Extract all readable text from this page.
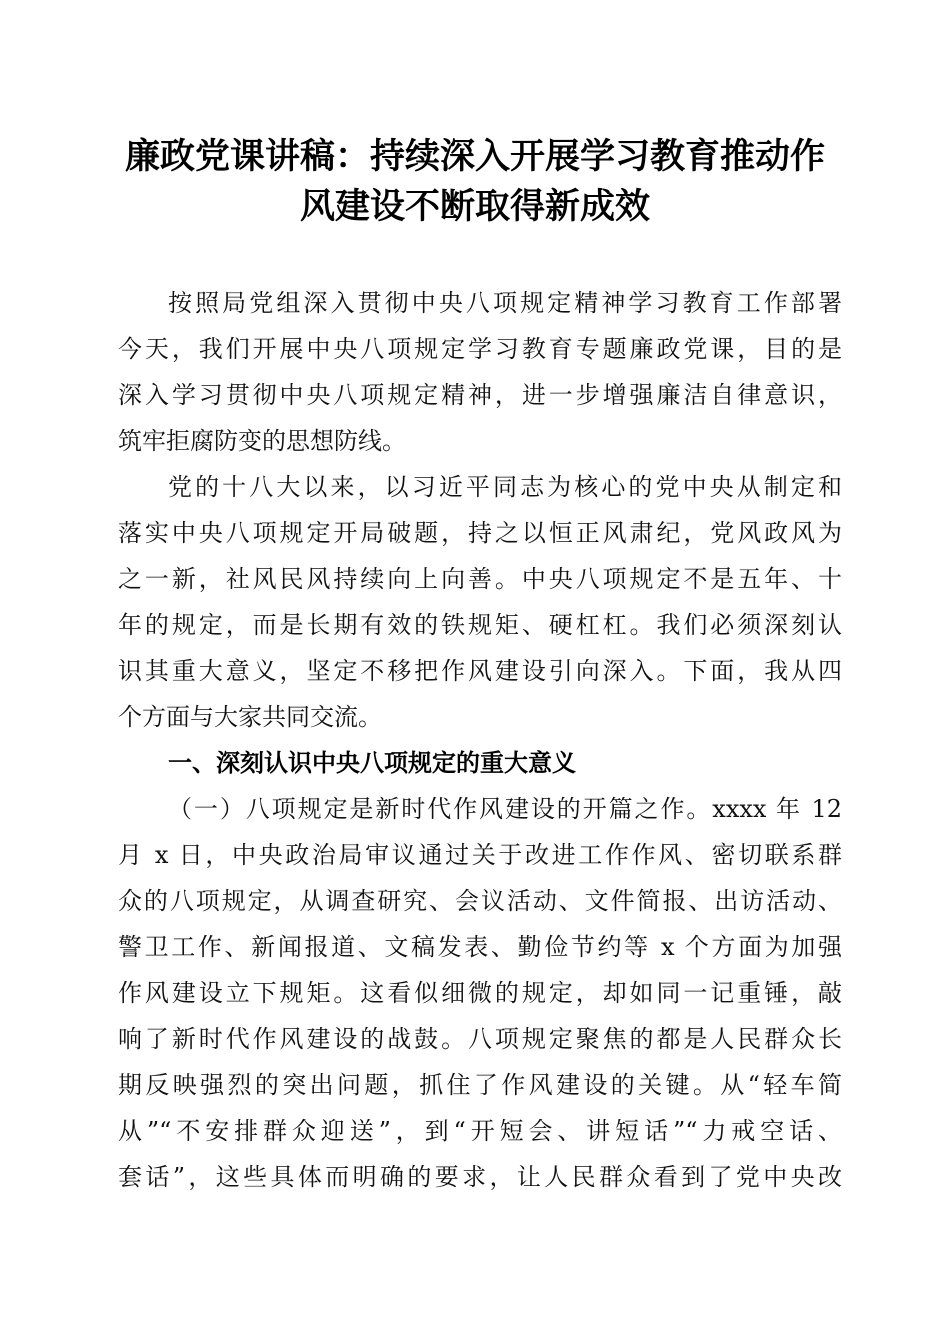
廉政党课讲稿：持续深入开展学习教育推动作
风建设不断取得新成效
按照局党组深入贯彻中央八项规定精神学习教育工作部署
今天，我们开展中央八项规定学习教育专题廉政党课，目的是
深入学习贯彻中央八项规定精神，进一步增强廉洁自律意识，
筑牢拒腐防变的思想防线。
党的十八大以来，以习近平同志为核心的党中央从制定和
落实中央八项规定开局破题，持之以恒正风肃纪，党风政风为
之一新，社风民风持续向上向善。中央八项规定不是五年、十
年的规定，而是长期有效的铁规矩、硬杠杠。我们必须深刻认
识其重大意义，坚定不移把作风建设引向深入。下面，我从四
个方面与大家共同交流。
一、深刻认识中央八项规定的重大意义
（一）八项规定是新时代作风建设的开篇之作。xxxx 年 12
月 x 日，中央政治局审议通过关于改进工作作风、密切联系群
众的八项规定，从调查研究、会议活动、文件简报、出访活动、
警卫工作、新闻报道、文稿发表、勤俭节约等 x 个方面为加强
作风建设立下规矩。这看似细微的规定，却如同一记重锤，敲
响了新时代作风建设的战鼓。八项规定聚焦的都是人民群众长
期反映强烈的突出问题，抓住了作风建设的关键。从“轻车简
从”“不安排群众迎送”，到“开短会、讲短话”“力戒空话、
套话”，这些具体而明确的要求，让人民群众看到了党中央改
